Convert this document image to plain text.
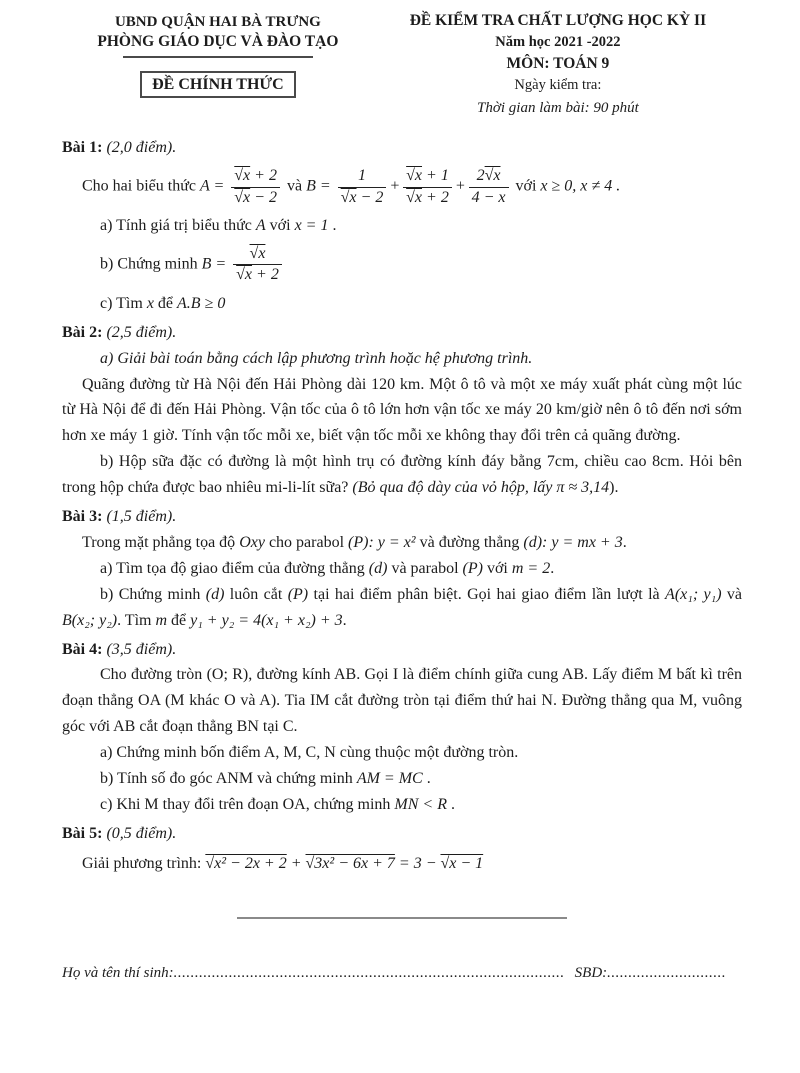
UBND QUẬN HAI BÀ TRƯNG
PHÒNG GIÁO DỤC VÀ ĐÀO TẠO
ĐỀ CHÍNH THỨC
ĐỀ KIỂM TRA CHẤT LƯỢNG HỌC KỲ II
Năm học 2021 -2022
MÔN: TOÁN 9
Ngày kiểm tra:
Thời gian làm bài: 90 phút
Bài 1: (2,0 điểm).
Cho hai biểu thức $A = \frac{√x + 2}{√x - 2}$ và $B = \frac{1}{√x - 2} + \frac{√x + 1}{√x + 2} + \frac{2√x}{4 - x}$ với x ≥ 0, x ≠ 4 .
a) Tính giá trị biểu thức A với x = 1 .
b) Chứng minh $B = \frac{√x}{√x + 2}$
c) Tìm x để A.B ≥ 0
Bài 2: (2,5 điểm).
a) Giải bài toán bằng cách lập phương trình hoặc hệ phương trình.
Quãng đường từ Hà Nội đến Hải Phòng dài 120 km. Một ô tô và một xe máy xuất phát cùng một lúc từ Hà Nội để đi đến Hải Phòng. Vận tốc của ô tô lớn hơn vận tốc xe máy 20 km/giờ nên ô tô đến nơi sớm hơn xe máy 1 giờ. Tính vận tốc mỗi xe, biết vận tốc mỗi xe không thay đổi trên cả quãng đường.
b) Hộp sữa đặc có đường là một hình trụ có đường kính đáy bằng 7cm, chiều cao 8cm. Hỏi bên trong hộp chứa được bao nhiêu mi-li-lít sữa? (Bỏ qua độ dày của vỏ hộp, lấy π ≈ 3,14).
Bài 3: (1,5 điểm).
Trong mặt phẳng tọa độ Oxy cho parabol (P): y = x² và đường thẳng (d): y = mx + 3.
a) Tìm tọa độ giao điểm của đường thẳng (d) và parabol (P) với m = 2.
b) Chứng minh (d) luôn cắt (P) tại hai điểm phân biệt. Gọi hai giao điểm lần lượt là A(x₁; y₁) và B(x₂; y₂). Tìm m để y₁ + y₂ = 4(x₁ + x₂) + 3.
Bài 4: (3,5 điểm).
Cho đường tròn (O; R), đường kính AB. Gọi I là điểm chính giữa cung AB. Lấy điểm M bất kì trên đoạn thẳng OA (M khác O và A). Tia IM cắt đường tròn tại điểm thứ hai N. Đường thẳng qua M, vuông góc với AB cắt đoạn thẳng BN tại C.
a) Chứng minh bốn điểm A, M, C, N cùng thuộc một đường tròn.
b) Tính số đo góc ANM và chứng minh AM = MC .
c) Khi M thay đổi trên đoạn OA, chứng minh MN < R .
Bài 5: (0,5 điểm).
Giải phương trình: √x² − 2x + 2 + √3x² − 6x + 7 = 3 − √x − 1
Họ và tên thí sinh: ............................................................................................ SBD: ............................
